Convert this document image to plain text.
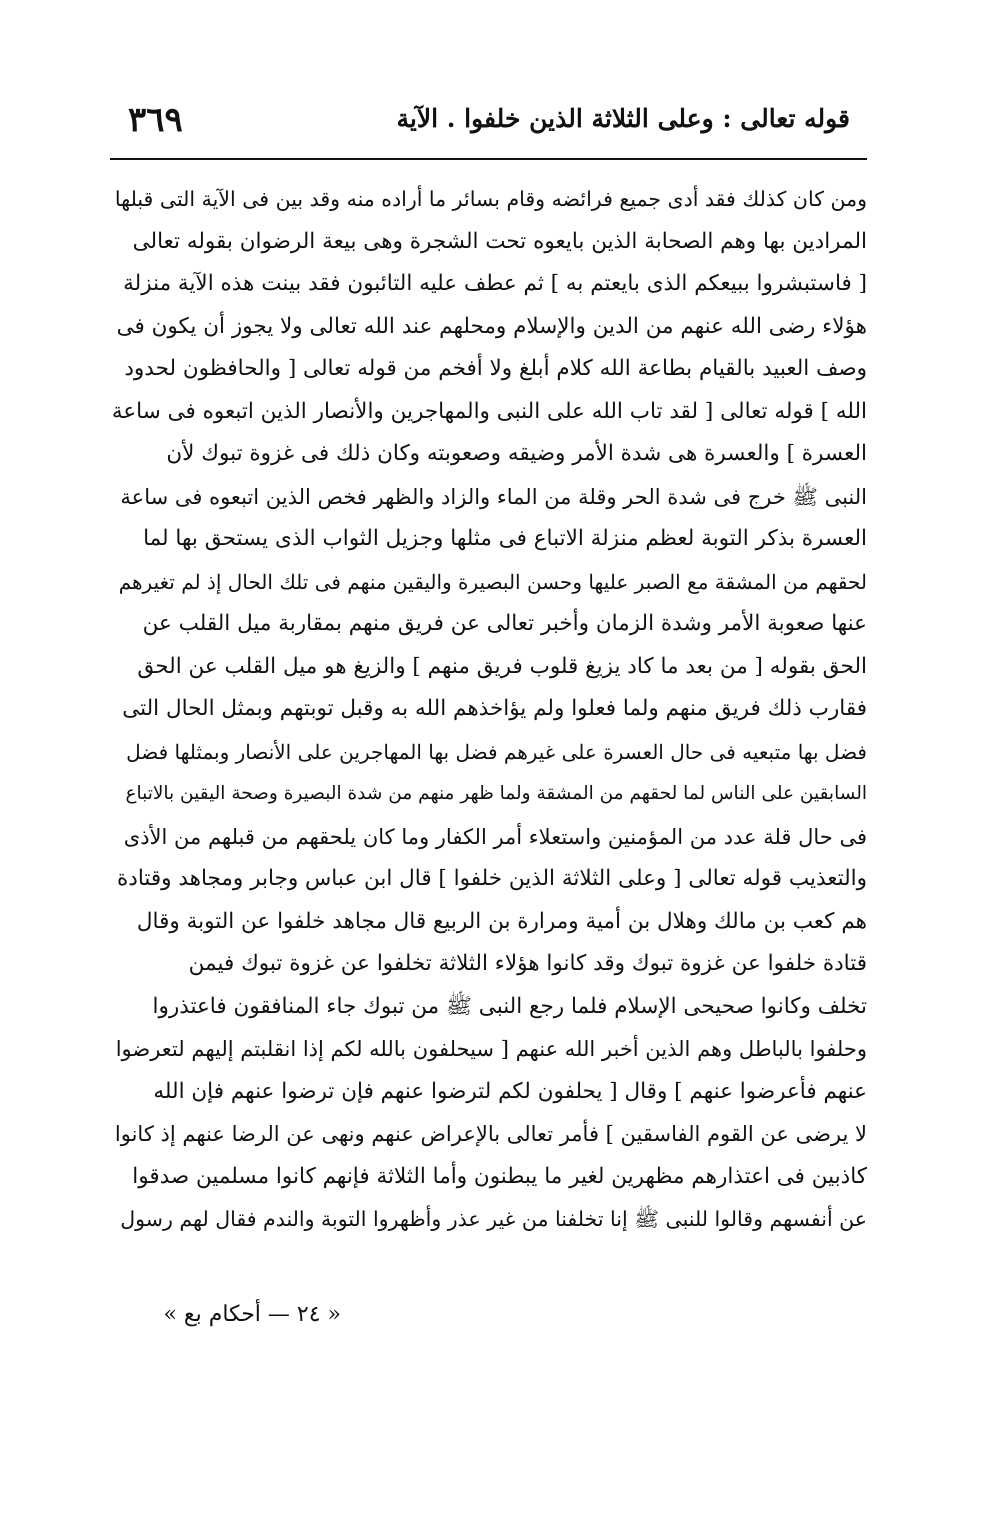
قوله تعالى : وعلى الثلاثة الذين خلفوا . الآية
٣٦٩
ومن كان كذلك فقد أدى جميع فرائضه وقام بسائر ما أراده منه وقد بين فى الآية التى قبلها
المرادين بها وهم الصحابة الذين بايعوه تحت الشجرة وهى بيعة الرضوان بقوله تعالى
[ فاستبشروا ببيعكم الذى بايعتم به ] ثم عطف عليه التائبون فقد بينت هذه الآية منزلة
هؤلاء رضى الله عنهم من الدين والإسلام ومحلهم عند الله تعالى ولا يجوز أن يكون فى
وصف العبيد بالقيام بطاعة الله كلام أبلغ ولا أفخم من قوله تعالى [ والحافظون لحدود
الله ] قوله تعالى [ لقد تاب الله على النبى والمهاجرين والأنصار الذين اتبعوه فى ساعة
العسرة ] والعسرة هى شدة الأمر وضيقه وصعوبته وكان ذلك فى غزوة تبوك لأن
النبى ﷺ خرج فى شدة الحر وقلة من الماء والزاد والظهر فخص الذين اتبعوه فى ساعة
العسرة بذكر التوبة لعظم منزلة الاتباع فى مثلها وجزيل الثواب الذى يستحق بها لما
لحقهم من المشقة مع الصبر عليها وحسن البصيرة واليقين منهم فى تلك الحال إذ لم تغيرهم
عنها صعوبة الأمر وشدة الزمان وأخبر تعالى عن فريق منهم بمقاربة ميل القلب عن
الحق بقوله [ من بعد ما كاد يزيغ قلوب فريق منهم ] والزيغ هو ميل القلب عن الحق
فقارب ذلك فريق منهم ولما فعلوا ولم يؤاخذهم الله به وقبل توبتهم وبمثل الحال التى
فضل بها متبعيه فى حال العسرة على غيرهم فضل بها المهاجرين على الأنصار وبمثلها فضل
السابقين على الناس لما لحقهم من المشقة ولما ظهر منهم من شدة البصيرة وصحة اليقين بالاتباع
فى حال قلة عدد من المؤمنين واستعلاء أمر الكفار وما كان يلحقهم من قبلهم من الأذى
والتعذيب قوله تعالى [ وعلى الثلاثة الذين خلفوا ] قال ابن عباس وجابر ومجاهد وقتادة
هم كعب بن مالك وهلال بن أمية ومرارة بن الربيع قال مجاهد خلفوا عن التوبة وقال
قتادة خلفوا عن غزوة تبوك وقد كانوا هؤلاء الثلاثة تخلفوا عن غزوة تبوك فيمن
تخلف وكانوا صحيحى الإسلام فلما رجع النبى ﷺ من تبوك جاء المنافقون فاعتذروا
وحلفوا بالباطل وهم الذين أخبر الله عنهم [ سيحلفون بالله لكم إذا انقلبتم إليهم لتعرضوا
عنهم فأعرضوا عنهم ] وقال [ يحلفون لكم لترضوا عنهم فإن ترضوا عنهم فإن الله
لا يرضى عن القوم الفاسقين ] فأمر تعالى بالإعراض عنهم ونهى عن الرضا عنهم إذ كانوا
كاذبين فى اعتذارهم مظهرين لغير ما يبطنون وأما الثلاثة فإنهم كانوا مسلمين صدقوا
عن أنفسهم وقالوا للنبى ﷺ إنا تخلفنا من غير عذر وأظهروا التوبة والندم فقال لهم رسول
« ٢٤ — أحكام بع »
